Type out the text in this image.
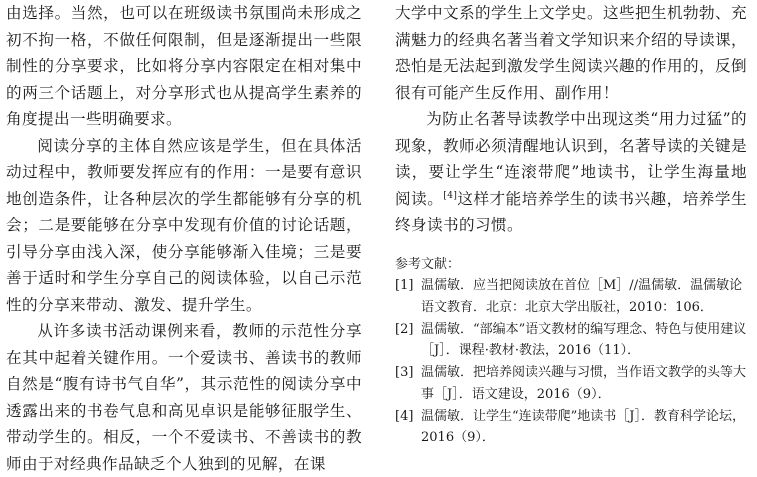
由选择。当然，也可以在班级读书氛围尚未形成之初不拘一格，不做任何限制，但是逐渐提出一些限制性的分享要求，比如将分享内容限定在相对集中的两三个话题上，对分享形式也从提高学生素养的角度提出一些明确要求。

阅读分享的主体自然应该是学生，但在具体活动过程中，教师要发挥应有的作用：一是要有意识地创造条件，让各种层次的学生都能够有分享的机会；二是要能够在分享中发现有价值的讨论话题，引导分享由浅入深，使分享能够渐入佳境；三是要善于适时和学生分享自己的阅读体验，以自己示范性的分享来带动、激发、提升学生。

从许多读书活动课例来看，教师的示范性分享在其中起着关键作用。一个爱读书、善读书的教师自然是“腹有诗书气自华”，其示范性的阅读分享中透露出来的书卷气息和高见卓识是能够征服学生、带动学生的。相反，一个不爱读书、不善读书的教师由于对经典作品缺乏个人独到的见解，在课

大学中文系的学生上文学史。这些把生机勃勃、充满魅力的经典名著当着文学知识来介绍的导读课，恐怕是无法起到激发学生阅读兴趣的作用的，反倒很有可能产生反作用、副作用！

为防止名著导读教学中出现这类“用力过猛”的现象，教师必须清醒地认识到，名著导读的关键是读，要让学生“连滚带爬”地读书，让学生海量地阅读。[4]这样才能培养学生的读书兴趣，培养学生终身读书的习惯。

参考文献：

[1] 温儒敏．应当把阅读放在首位［M］//温儒敏．温儒敏论语文教育．北京：北京大学出版社，2010：106．
[2] 温儒敏．“部编本”语文教材的编写理念、特色与使用建议［J］．课程·教材·教法，2016（11）．
[3] 温儒敏．把培养阅读兴趣与习惯，当作语文教学的头等大事［J］．语文建设，2016（9）．
[4] 温儒敏．让学生“连读带爬”地读书［J］．教育科学论坛，2016（9）．
